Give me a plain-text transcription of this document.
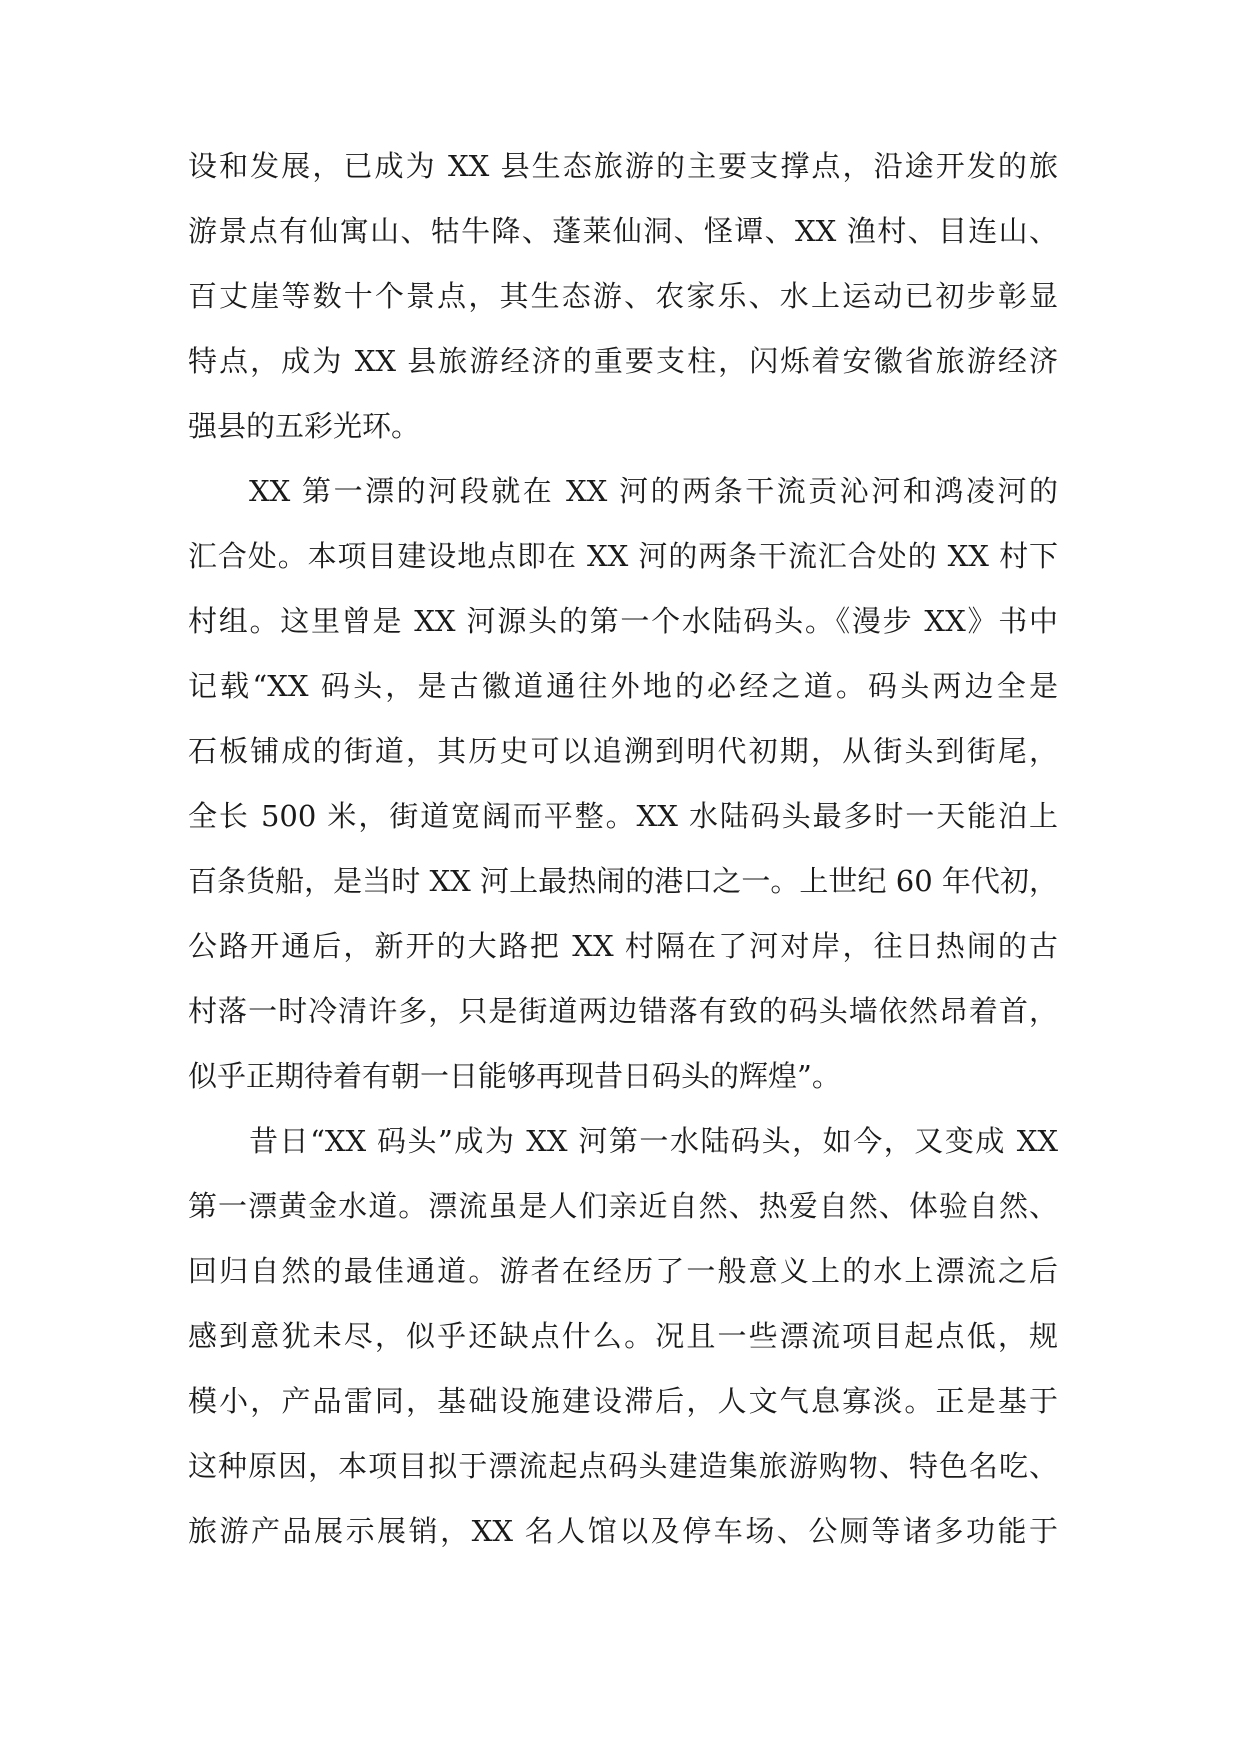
设和发展，已成为 XX 县生态旅游的主要支撑点，沿途开发的旅
游景点有仙寓山、牯牛降、蓬莱仙洞、怪谭、XX 渔村、目连山、
百丈崖等数十个景点，其生态游、农家乐、水上运动已初步彰显
特点，成为 XX 县旅游经济的重要支柱，闪烁着安徽省旅游经济
强县的五彩光环。
XX 第一漂的河段就在 XX 河的两条干流贡沁河和鸿凌河的
汇合处。本项目建设地点即在 XX 河的两条干流汇合处的 XX 村下
村组。这里曾是 XX 河源头的第一个水陆码头。《漫步 XX》书中
记载“XX 码头，是古徽道通往外地的必经之道。码头两边全是
石板铺成的街道，其历史可以追溯到明代初期，从街头到街尾，
全长 500 米，街道宽阔而平整。XX 水陆码头最多时一天能泊上
百条货船，是当时 XX 河上最热闹的港口之一。上世纪 60 年代初，
公路开通后，新开的大路把 XX 村隔在了河对岸，往日热闹的古
村落一时冷清许多，只是街道两边错落有致的码头墙依然昂着首，
似乎正期待着有朝一日能够再现昔日码头的辉煌”。
昔日“XX 码头”成为 XX 河第一水陆码头，如今，又变成 XX
第一漂黄金水道。漂流虽是人们亲近自然、热爱自然、体验自然、
回归自然的最佳通道。游者在经历了一般意义上的水上漂流之后
感到意犹未尽，似乎还缺点什么。况且一些漂流项目起点低，规
模小，产品雷同，基础设施建设滞后，人文气息寡淡。正是基于
这种原因，本项目拟于漂流起点码头建造集旅游购物、特色名吃、
旅游产品展示展销，XX 名人馆以及停车场、公厕等诸多功能于
